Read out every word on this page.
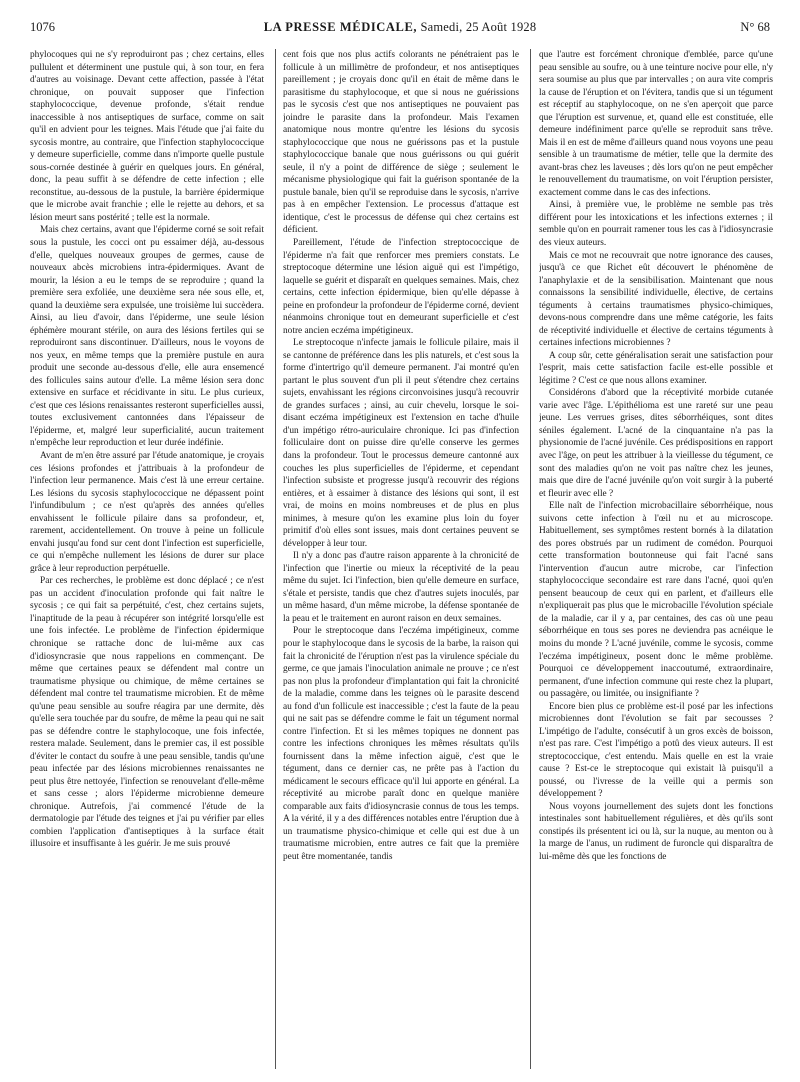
1076	LA PRESSE MÉDICALE, Samedi, 25 Août 1928	N° 68

phylocoques qui ne s'y reproduiront pas ; chez certains, elles pullulent et déterminent une pustule qui, à son tour, en fera d'autres au voisinage. Devant cette affection, passée à l'état chronique, on pouvait supposer que l'infection staphylococcique, devenue profonde, s'était rendue inaccessible à nos antiseptiques de surface, comme on sait qu'il en advient pour les teignes. Mais l'étude que j'ai faite du sycosis montre, au contraire, que l'infection staphylococcique y demeure superficielle, comme dans n'importe quelle pustule sous-cornée destinée à guérir en quelques jours. En général, donc, la peau suffit à se défendre de cette infection ; elle reconstitue, au-dessous de la pustule, la barrière épidermique que le microbe avait franchie ; elle le rejette au dehors, et sa lésion meurt sans postérité ; telle est la normale.

Mais chez certains, avant que l'épiderme corné se soit refait sous la pustule, les cocci ont pu essaimer déjà, au-dessous d'elle, quelques nouveaux groupes de germes, cause de nouveaux abcès microbiens intra-épidermiques. Avant de mourir, la lésion a eu le temps de se reproduire ; quand la première sera exfoliée, une deuxième sera née sous elle, et, quand la deuxième sera expulsée, une troisième lui succèdera. Ainsi, au lieu d'avoir, dans l'épiderme, une seule lésion éphémère mourant stérile, on aura des lésions fertiles qui se reproduiront sans discontinuer. D'ailleurs, nous le voyons de nos yeux, en même temps que la première pustule en aura produit une seconde au-dessous d'elle, elle aura ensemencé des follicules sains autour d'elle. La même lésion sera donc extensive en surface et récidivante in situ. Le plus curieux, c'est que ces lésions renaissantes resteront superficielles aussi, toutes exclusivement cantonnées dans l'épaisseur de l'épiderme, et, malgré leur superficialité, aucun traitement n'empêche leur reproduction et leur durée indéfinie.

Avant de m'en être assuré par l'étude anatomique, je croyais ces lésions profondes et j'attribuais à la profondeur de l'infection leur permanence. Mais c'est là une erreur certaine. Les lésions du sycosis staphylococcique ne dépassent point l'infundibulum ; ce n'est qu'après des années qu'elles envahissent le follicule pilaire dans sa profondeur, et, rarement, accidentellement. On trouve à peine un follicule envahi jusqu'au fond sur cent dont l'infection est superficielle, ce qui n'empêche nullement les lésions de durer sur place grâce à leur reproduction perpétuelle.

Par ces recherches, le problème est donc déplacé ; ce n'est pas un accident d'inoculation profonde qui fait naître le sycosis ; ce qui fait sa perpétuité, c'est, chez certains sujets, l'inaptitude de la peau à récupérer son intégrité lorsqu'elle est une fois infectée. Le problème de l'infection épidermique chronique se rattache donc de lui-même aux cas d'idiosyncrasie que nous rappelions en commençant. De même que certaines peaux se défendent mal contre un traumatisme physique ou chimique, de même certaines se défendent mal contre tel traumatisme microbien. Et de même qu'une peau sensible au soufre réagira par une dermite, dès qu'elle sera touchée par du soufre, de même la peau qui ne sait pas se défendre contre le staphylocoque, une fois infectée, restera malade. Seulement, dans le premier cas, il est possible d'éviter le contact du soufre à une peau sensible, tandis qu'une peau infectée par des lésions microbiennes renaissantes ne peut plus être nettoyée, l'infection se renouvelant d'elle-même et sans cesse ; alors l'épiderme microbienne demeure chronique. Autrefois, j'ai commencé l'étude de la dermatologie par l'étude des teignes et j'ai pu vérifier par elles combien l'application d'antiseptiques à la surface était illusoire et insuffisante à les guérir. Je me suis prouvé

cent fois que nos plus actifs colorants ne pénétraient pas le follicule à un millimètre de profondeur, et nos antiseptiques pareillement ; je croyais donc qu'il en était de même dans le parasitisme du staphylocoque, et que si nous ne guérissions pas le sycosis c'est que nos antiseptiques ne pouvaient pas joindre le parasite dans la profondeur. Mais l'examen anatomique nous montre qu'entre les lésions du sycosis staphylococcique que nous ne guérissons pas et la pustule staphylococcique banale que nous guérissons ou qui guérit seule, il n'y a point de différence de siège ; seulement le mécanisme physiologique qui fait la guérison spontanée de la pustule banale, bien qu'il se reproduise dans le sycosis, n'arrive pas à en empêcher l'extension. Le processus d'attaque est identique, c'est le processus de défense qui chez certains est déficient.

Pareillement, l'étude de l'infection streptococcique de l'épiderme n'a fait que renforcer mes premiers constats. Le streptocoque détermine une lésion aiguë qui est l'impétigo, laquelle se guérit et disparaît en quelques semaines. Mais, chez certains, cette infection épidermique, bien qu'elle dépasse à peine en profondeur la profondeur de l'épiderme corné, devient néanmoins chronique tout en demeurant superficielle et c'est notre ancien eczéma impétigineux.

Le streptocoque n'infecte jamais le follicule pilaire, mais il se cantonne de préférence dans les plis naturels, et c'est sous la forme d'intertrigo qu'il demeure permanent. J'ai montré qu'en partant le plus souvent d'un pli il peut s'étendre chez certains sujets, envahissant les régions circonvoisines jusqu'à recouvrir de grandes surfaces ; ainsi, au cuir chevelu, lorsque le soi-disant eczéma impétigineux est l'extension en tache d'huile d'un impétigo rétro-auriculaire chronique. Ici pas d'infection folliculaire dont on puisse dire qu'elle conserve les germes dans la profondeur. Tout le processus demeure cantonné aux couches les plus superficielles de l'épiderme, et cependant l'infection subsiste et progresse jusqu'à recouvrir des régions entières, et à essaimer à distance des lésions qui sont, il est vrai, de moins en moins nombreuses et de plus en plus minimes, à mesure qu'on les examine plus loin du foyer primitif d'où elles sont issues, mais dont certaines peuvent se développer à leur tour.

Il n'y a donc pas d'autre raison apparente à la chronicité de l'infection que l'inertie ou mieux la réceptivité de la peau même du sujet. Ici l'infection, bien qu'elle demeure en surface, s'étale et persiste, tandis que chez d'autres sujets inoculés, par un même hasard, d'un même microbe, la défense spontanée de la peau et le traitement en auront raison en deux semaines.

Pour le streptocoque dans l'eczéma impétigineux, comme pour le staphylocoque dans le sycosis de la barbe, la raison qui fait la chronicité de l'éruption n'est pas la virulence spéciale du germe, ce que jamais l'inoculation animale ne prouve ; ce n'est pas non plus la profondeur d'implantation qui fait la chronicité de la maladie, comme dans les teignes où le parasite descend au fond d'un follicule est inaccessible ; c'est la faute de la peau qui ne sait pas se défendre comme le fait un tégument normal contre l'infection. Et si les mêmes topiques ne donnent pas contre les infections chroniques les mêmes résultats qu'ils fournissent dans la même infection aiguë, c'est que le tégument, dans ce dernier cas, ne prête pas à l'action du médicament le secours efficace qu'il lui apporte en général. La réceptivité au microbe paraît donc en quelque manière comparable aux faits d'idiosyncrasie connus de tous les temps. A la vérité, il y a des différences notables entre l'éruption due à un traumatisme physico-chimique et celle qui est due à un traumatisme microbien, entre autres ce fait que la première peut être momentanée, tandis

que l'autre est forcément chronique d'emblée, parce qu'une peau sensible au soufre, ou à une teinture nocive pour elle, n'y sera soumise au plus que par intervalles ; on aura vite compris la cause de l'éruption et on l'évitera, tandis que si un tégument est réceptif au staphylocoque, on ne s'en aperçoit que parce que l'éruption est survenue, et, quand elle est constituée, elle demeure indéfiniment parce qu'elle se reproduit sans trêve. Mais il en est de même d'ailleurs quand nous voyons une peau sensible à un traumatisme de métier, telle que la dermite des avant-bras chez les laveuses ; dès lors qu'on ne peut empêcher le renouvellement du traumatisme, on voit l'éruption persister, exactement comme dans le cas des infections.

Ainsi, à première vue, le problème ne semble pas très différent pour les intoxications et les infections externes ; il semble qu'on en pourrait ramener tous les cas à l'idiosyncrasie des vieux auteurs.

Mais ce mot ne recouvrait que notre ignorance des causes, jusqu'à ce que Richet eût découvert le phénomène de l'anaphylaxie et de la sensibilisation. Maintenant que nous connaissons la sensibilité individuelle, élective, de certains téguments à certains traumatismes physico-chimiques, devons-nous comprendre dans une même catégorie, les faits de réceptivité individuelle et élective de certains téguments à certaines infections microbiennes ?

A coup sûr, cette généralisation serait une satisfaction pour l'esprit, mais cette satisfaction facile est-elle possible et légitime ? C'est ce que nous allons examiner.

Considérons d'abord que la réceptivité morbide cutanée varie avec l'âge. L'épithélioma est une rareté sur une peau jeune. Les verrues grises, dites séborrhéiques, sont dites séniles également. L'acné de la cinquantaine n'a pas la physionomie de l'acné juvénile. Ces prédispositions en rapport avec l'âge, on peut les attribuer à la vieillesse du tégument, ce sont des maladies qu'on ne voit pas naître chez les jeunes, mais que dire de l'acné juvénile qu'on voit surgir à la puberté et fleurir avec elle ?

Elle naît de l'infection microbacillaire séborrhéique, nous suivons cette infection à l'œil nu et au microscope. Habituellement, ses symptômes restent bornés à la dilatation des pores obstrués par un rudiment de comédon. Pourquoi cette transformation boutonneuse qui fait l'acné sans l'intervention d'aucun autre microbe, car l'infection staphylococcique secondaire est rare dans l'acné, quoi qu'en pensent beaucoup de ceux qui en parlent, et d'ailleurs elle n'expliquerait pas plus que le microbacille l'évolution spéciale de la maladie, car il y a, par centaines, des cas où une peau séborrhéique en tous ses pores ne deviendra pas acnéique le moins du monde ? L'acné juvénile, comme le sycosis, comme l'eczéma impétigineux, posent donc le même problème. Pourquoi ce développement inaccoutumé, extraordinaire, permanent, d'une infection commune qui reste chez la plupart, ou passagère, ou limitée, ou insignifiante ?

Encore bien plus ce problème est-il posé par les infections microbiennes dont l'évolution se fait par secousses ? L'impétigo de l'adulte, consécutif à un gros excès de boisson, n'est pas rare. C'est l'impétigo a potû des vieux auteurs. Il est streptococcique, c'est entendu. Mais quelle en est la vraie cause ? Est-ce le streptocoque qui existait là puisqu'il a poussé, ou l'ivresse de la veille qui a permis son développement ?

Nous voyons journellement des sujets dont les fonctions intestinales sont habituellement régulières, et dès qu'ils sont constipés ils présentent ici ou là, sur la nuque, au menton ou à la marge de l'anus, un rudiment de furoncle qui disparaîtra de lui-même dès que les fonctions de
